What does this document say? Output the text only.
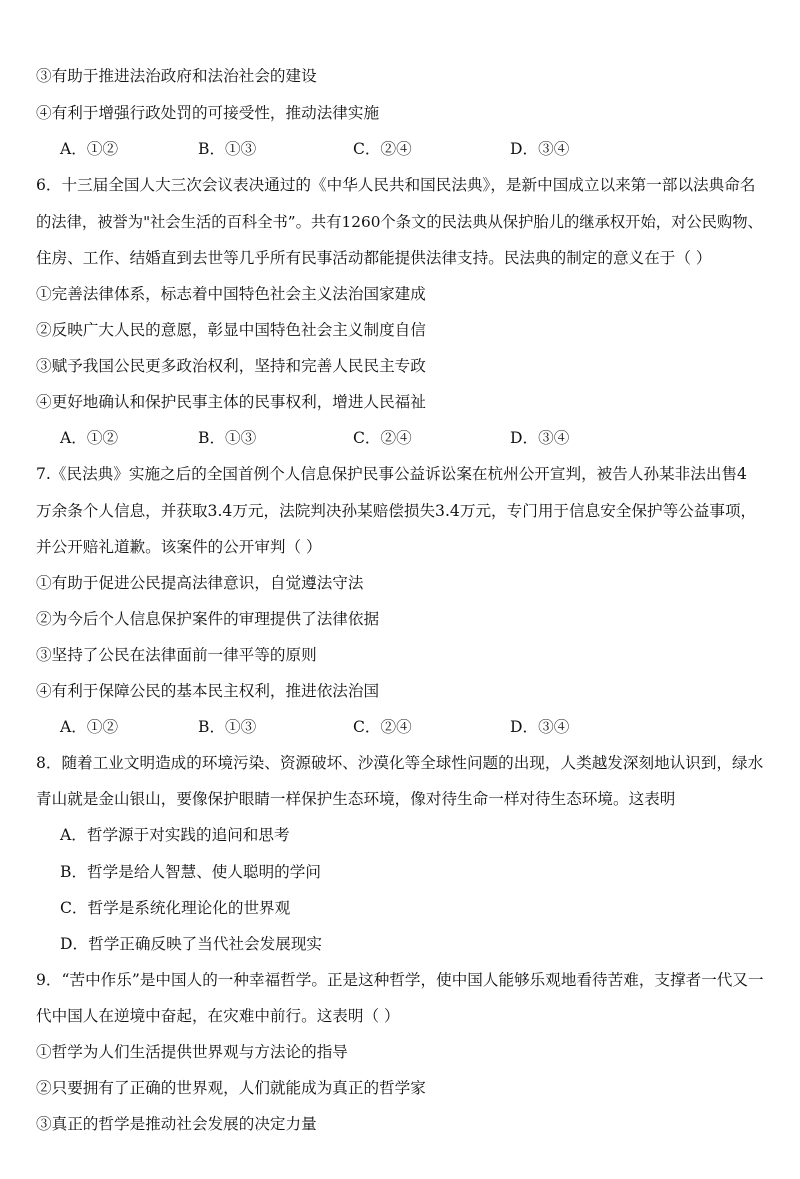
③有助于推进法治政府和法治社会的建设
④有利于增强行政处罚的可接受性，推动法律实施
A．①②	B．①③	C．②④	D．③④
6．十三届全国人大三次会议表决通过的《中华人民共和国民法典》，是新中国成立以来第一部以法典命名
的法律，被誉为"社会生活的百科全书”。共有1260个条文的民法典从保护胎儿的继承权开始，对公民购物、
住房、工作、结婚直到去世等几乎所有民事活动都能提供法律支持。民法典的制定的意义在于（ ）
①完善法律体系，标志着中国特色社会主义法治国家建成
②反映广大人民的意愿，彰显中国特色社会主义制度自信
③赋予我国公民更多政治权利，坚持和完善人民民主专政
④更好地确认和保护民事主体的民事权利，增进人民福祉
A．①②	B．①③	C．②④	D．③④
7.《民法典》实施之后的全国首例个人信息保护民事公益诉讼案在杭州公开宣判，被告人孙某非法出售4
万余条个人信息，并获取3.4万元，法院判决孙某赔偿损失3.4万元，专门用于信息安全保护等公益事项，
并公开赔礼道歉。该案件的公开审判（ ）
①有助于促进公民提高法律意识，自觉遵法守法
②为今后个人信息保护案件的审理提供了法律依据
③坚持了公民在法律面前一律平等的原则
④有利于保障公民的基本民主权利，推进依法治国
A．①②	B．①③	C．②④	D．③④
8．随着工业文明造成的环境污染、资源破坏、沙漠化等全球性问题的出现，人类越发深刻地认识到，绿水
青山就是金山银山，要像保护眼睛一样保护生态环境，像对待生命一样对待生态环境。这表明
A．哲学源于对实践的追问和思考
B．哲学是给人智慧、使人聪明的学问
C．哲学是系统化理论化的世界观
D．哲学正确反映了当代社会发展现实
9．“苦中作乐”是中国人的一种幸福哲学。正是这种哲学，使中国人能够乐观地看待苦难，支撑者一代又一
代中国人在逆境中奋起，在灾难中前行。这表明（ ）
①哲学为人们生活提供世界观与方法论的指导
②只要拥有了正确的世界观，人们就能成为真正的哲学家
③真正的哲学是推动社会发展的决定力量
